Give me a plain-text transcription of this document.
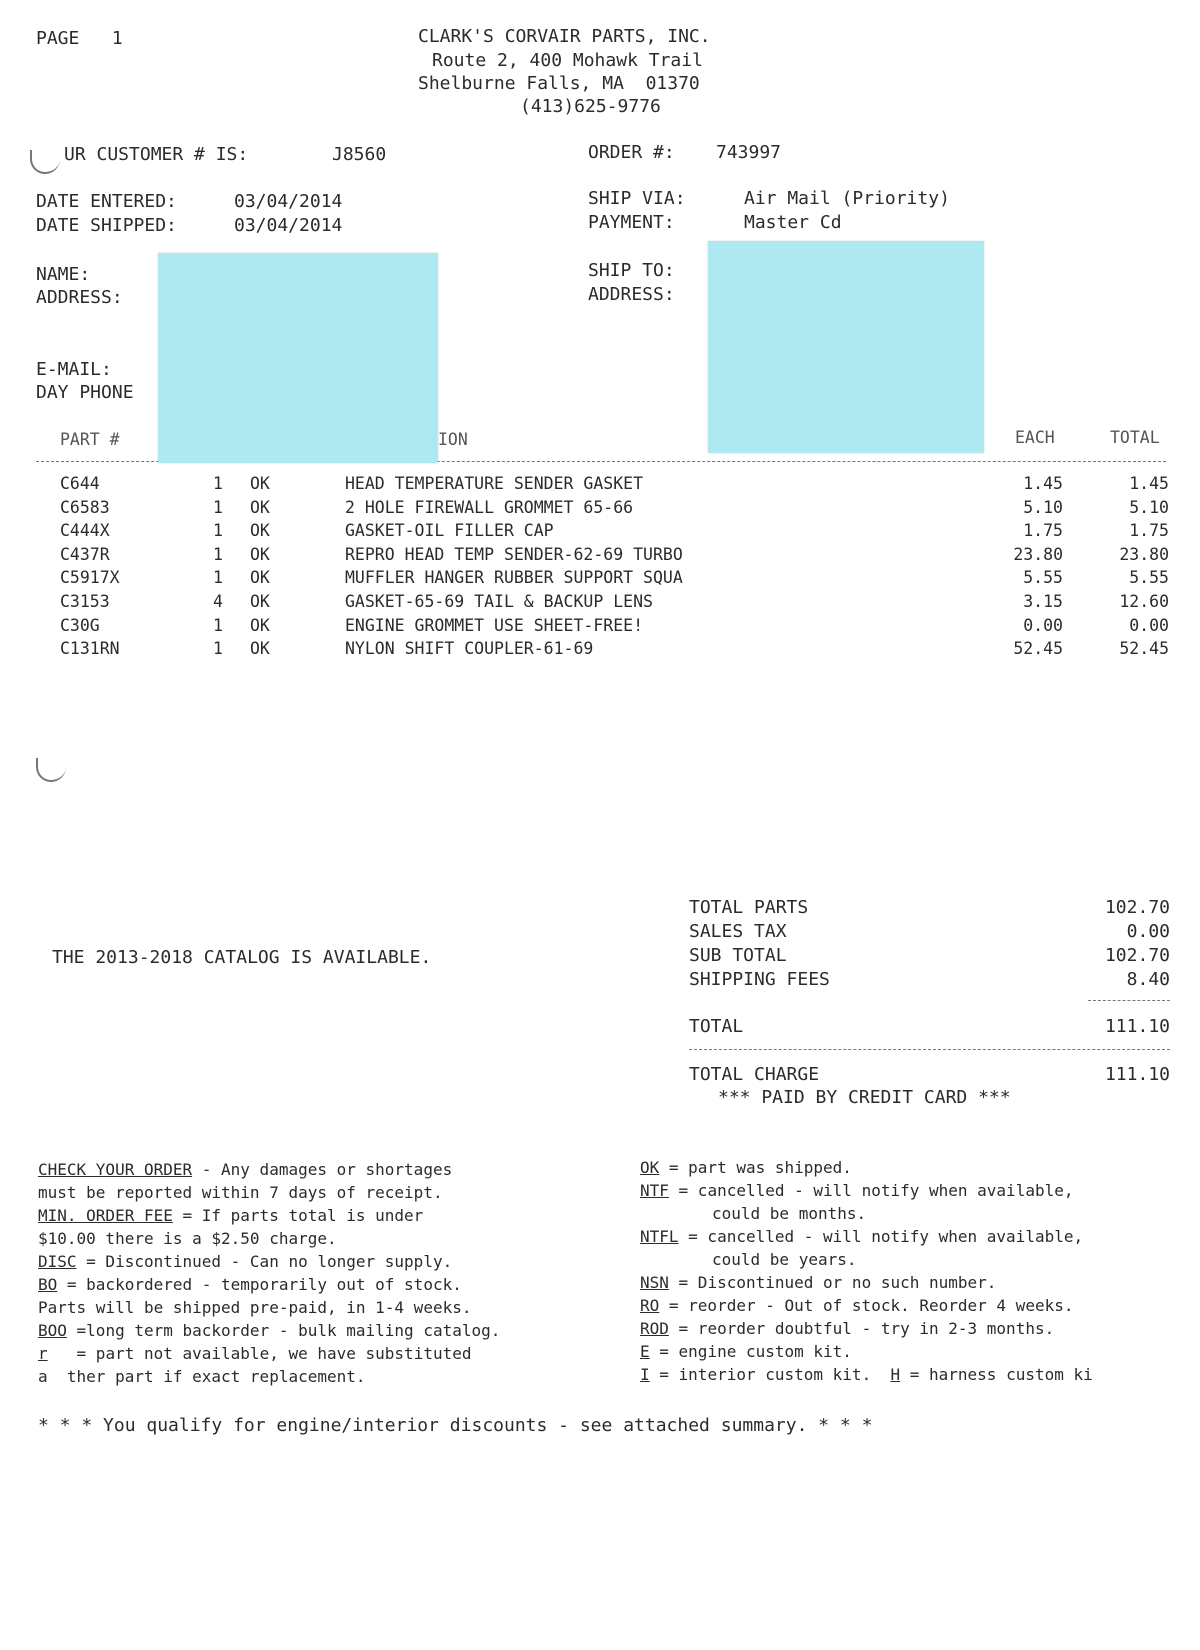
PAGE   1	CLARK'S CORVAIR PARTS, INC.
Route 2, 400 Mohawk Trail
Shelburne Falls, MA  01370
(413)625-9776
UR CUSTOMER # IS:	J8560	ORDER #: 743997
DATE ENTERED:	03/04/2014
DATE SHIPPED:	03/04/2014
SHIP VIA:	Air Mail (Priority)
PAYMENT:	Master Cd
NAME:
ADDRESS:
SHIP TO:
ADDRESS:
E-MAIL:
DAY PHONE
PART #	ION	EACH	TOTAL
C644	1 OK	HEAD TEMPERATURE SENDER GASKET	1.45	1.45
C6583	1 OK	2 HOLE FIREWALL GROMMET 65-66	5.10	5.10
C444X	1 OK	GASKET-OIL FILLER CAP	1.75	1.75
C437R	1 OK	REPRO HEAD TEMP SENDER-62-69 TURBO	23.80	23.80
C5917X	1 OK	MUFFLER HANGER RUBBER SUPPORT SQUA	5.55	5.55
C3153	4 OK	GASKET-65-69 TAIL & BACKUP LENS	3.15	12.60
C30G	1 OK	ENGINE GROMMET USE SHEET-FREE!	0.00	0.00
C131RN	1 OK	NYLON SHIFT COUPLER-61-69	52.45	52.45
THE 2013-2018 CATALOG IS AVAILABLE.
TOTAL PARTS	102.70
SALES TAX	0.00
SUB TOTAL	102.70
SHIPPING FEES	8.40
TOTAL	111.10
TOTAL CHARGE	111.10
*** PAID BY CREDIT CARD ***
CHECK YOUR ORDER - Any damages or shortages
must be reported within 7 days of receipt.
MIN. ORDER FEE = If parts total is under
$10.00 there is a $2.50 charge.
DISC = Discontinued - Can no longer supply.
BO = backordered - temporarily out of stock.
Parts will be shipped pre-paid, in 1-4 weeks.
BOO =long term backorder - bulk mailing catalog.
r   = part not available, we have substituted
a  ther part if exact replacement.
OK = part was shipped.
NTF = cancelled - will notify when available,
could be months.
NTFL = cancelled - will notify when available,
could be years.
NSN = Discontinued or no such number.
RO = reorder - Out of stock. Reorder 4 weeks.
ROD = reorder doubtful - try in 2-3 months.
E = engine custom kit.
I = interior custom kit.  H = harness custom ki
* * * You qualify for engine/interior discounts - see attached summary. * * *
